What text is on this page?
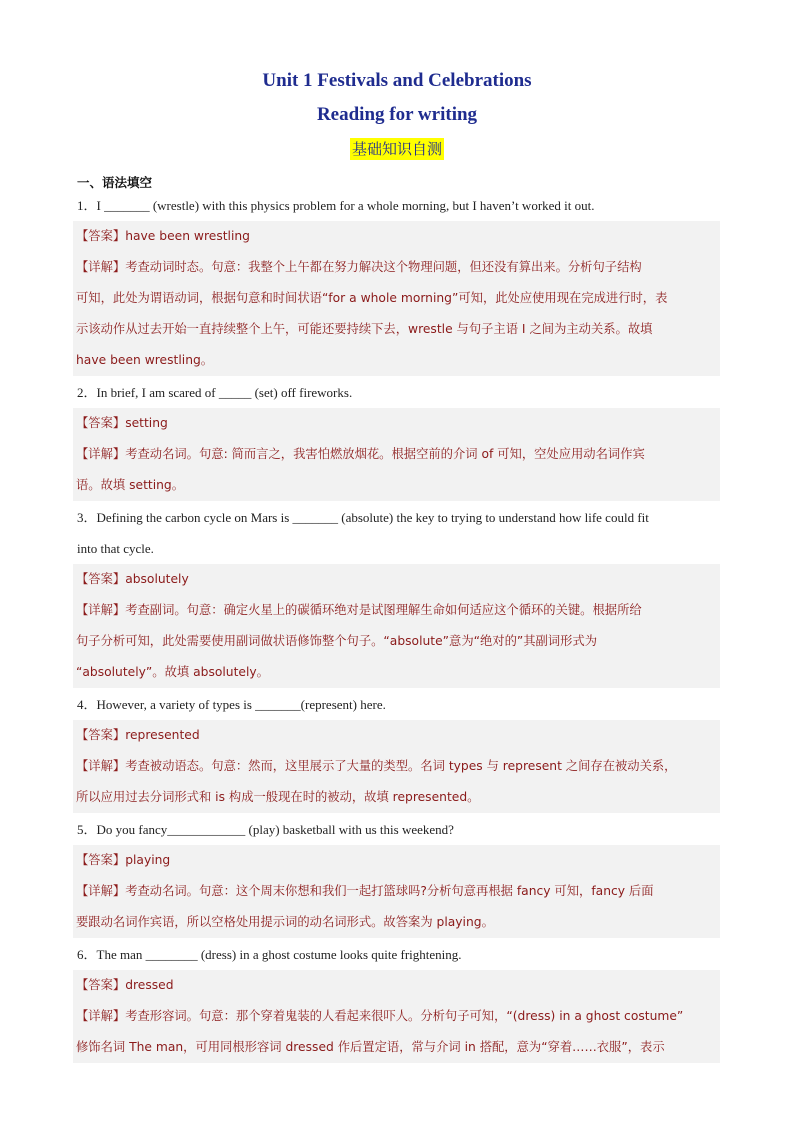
Unit 1 Festivals and Celebrations
Reading for writing
基础知识自测
一、语法填空
1．I _______ (wrestle) with this physics problem for a whole morning, but I haven’t worked it out.
【答案】have been wrestling
【详解】考查动词时态。句意：我整个上午都在努力解决这个物理问题，但还没有算出来。分析句子结构
可知，此处为谓语动词，根据句意和时间状语“for a whole morning”可知，此处应使用现在完成进行时，表
示该动作从过去开始一直持续整个上午，可能还要持续下去，wrestle 与句子主语 I 之间为主动关系。故填
have been wrestling。
2．In brief, I am scared of _____ (set) off fireworks.
【答案】setting
【详解】考查动名词。句意: 简而言之，我害怕燃放烟花。根据空前的介词 of 可知，空处应用动名词作宾
语。故填 setting。
3．Defining the carbon cycle on Mars is _______ (absolute) the key to trying to understand how life could fit
into that cycle.
【答案】absolutely
【详解】考查副词。句意：确定火星上的碳循环绝对是试图理解生命如何适应这个循环的关键。根据所给
句子分析可知，此处需要使用副词做状语修饰整个句子。“absolute”意为“绝对的”其副词形式为
“absolutely”。故填 absolutely。
4．However, a variety of types is _______(represent) here.
【答案】represented
【详解】考查被动语态。句意：然而，这里展示了大量的类型。名词 types 与 represent 之间存在被动关系，
所以应用过去分词形式和 is 构成一般现在时的被动，故填 represented。
5．Do you fancy____________ (play) basketball with us this weekend?
【答案】playing
【详解】考查动名词。句意：这个周末你想和我们一起打篮球吗?分析句意再根据 fancy 可知，fancy 后面
要跟动名词作宾语，所以空格处用提示词的动名词形式。故答案为 playing。
6．The man ________ (dress) in a ghost costume looks quite frightening.
【答案】dressed
【详解】考查形容词。句意：那个穿着鬼装的人看起来很吓人。分析句子可知，“(dress) in a ghost costume”
修饰名词 The man，可用同根形容词 dressed 作后置定语，常与介词 in 搭配，意为“穿着……衣服”，表示
